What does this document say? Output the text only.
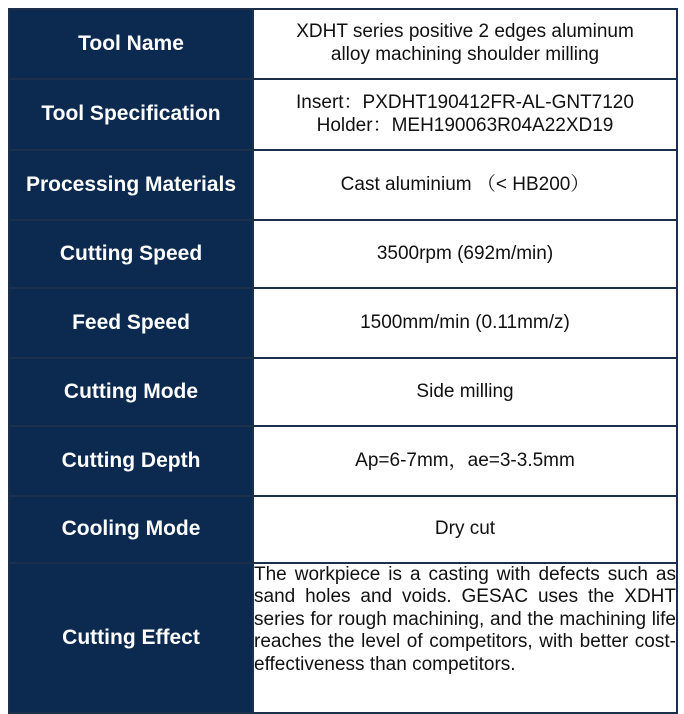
Tool Name	XDHT series positive 2 edges aluminum
alloy machining shoulder milling

Tool Specification	Insert：PXDHT190412FR-AL-GNT7120
Holder：MEH190063R04A22XD19

Processing Materials	Cast aluminium （< HB200）

Cutting Speed	3500rpm (692m/min)

Feed Speed	1500mm/min (0.11mm/z)

Cutting Mode	Side milling

Cutting Depth	Ap=6-7mm，ae=3-3.5mm

Cooling Mode	Dry cut

Cutting Effect	The workpiece is a casting with defects such as sand holes and voids. GESAC uses the XDHT series for rough machining, and the machining life reaches the level of competitors, with better cost-effectiveness than competitors.
